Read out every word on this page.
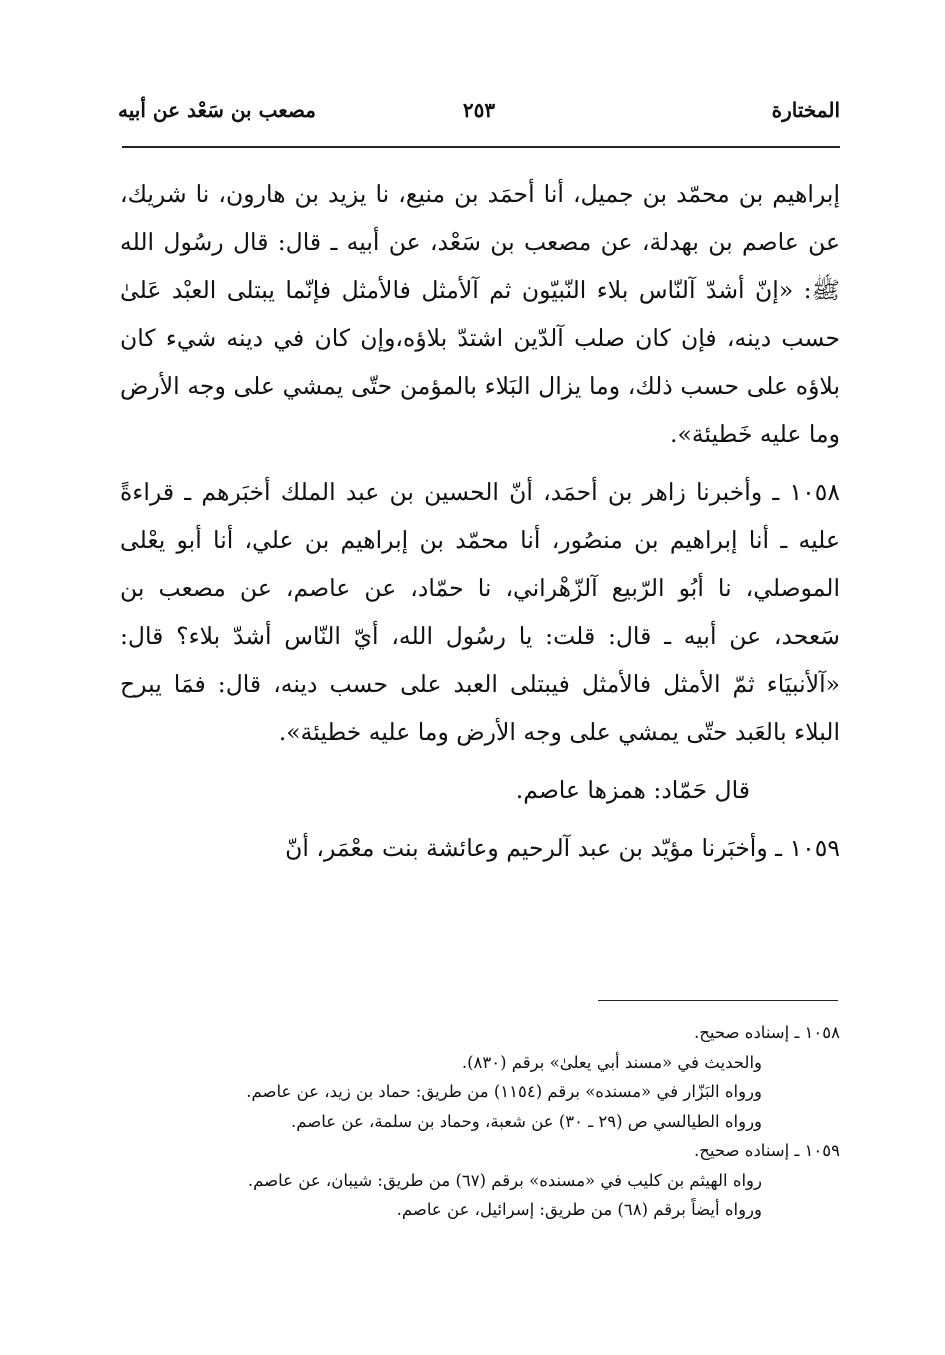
المختارة
٢٥٣
مصعب بن سَعْد عن أبيه

إبراهيم بن محمّد بن جميل، أنا أحمَد بن منيع، نا يزيد بن هارون، نا شريك، عن عاصم بن بهدلة، عن مصعب بن سَعْد، عن أبيه ـ قال: قال رسُول الله ﷺ: «إنّ أشدّ آلنّاس بلاء النّبيّون ثم آلأمثل فالأمثل فإنّما يبتلى العبْد عَلىٰ حسب دينه، فإن كان صلب آلدّين اشتدّ بلاؤه،وإن كان في دينه شيء كان بلاؤه على حسب ذلك، وما يزال البَلاء بالمؤمن حتّى يمشي على وجه الأرض وما عليه خَطيئة».

١٠٥٨ ـ وأخبرنا زاهر بن أحمَد، أنّ الحسين بن عبد الملك أخبَرهم ـ قراءةً عليه ـ أنا إبراهيم بن منصُور، أنا محمّد بن إبراهيم بن علي، أنا أبو يعْلى الموصلي، نا أبُو الرّبيع آلزّهْراني، نا حمّاد، عن عاصم، عن مصعب بن سَعحد، عن أبيه ـ قال: قلت: يا رسُول الله، أيّ النّاس أشدّ بلاء؟ قال: «آلأنبيَاء ثمّ الأمثل فالأمثل فيبتلى العبد على حسب دينه، قال: فمَا يبرح البلاء بالعَبد حتّى يمشي على وجه الأرض وما عليه خطيئة».

قال حَمّاد: همزها عاصم.

١٠٥٩ ـ وأخبَرنا مؤيّد بن عبد آلرحيم وعائشة بنت معْمَر، أنّ

١٠٥٨ ـ إسناده صحيح.
والحديث في «مسند أبي يعلىٰ» برقم (٨٣٠).
ورواه البَزّار في «مسنده» برقم (١١٥٤) من طريق: حماد بن زيد، عن عاصم.
ورواه الطيالسي ص (٢٩ ـ ٣٠) عن شعبة، وحماد بن سلمة، عن عاصم.
١٠٥٩ ـ إسناده صحيح.
رواه الهيثم بن كليب في «مسنده» برقم (٦٧) من طريق: شيبان، عن عاصم.
ورواه أيضاً برقم (٦٨) من طريق: إسرائيل، عن عاصم.
